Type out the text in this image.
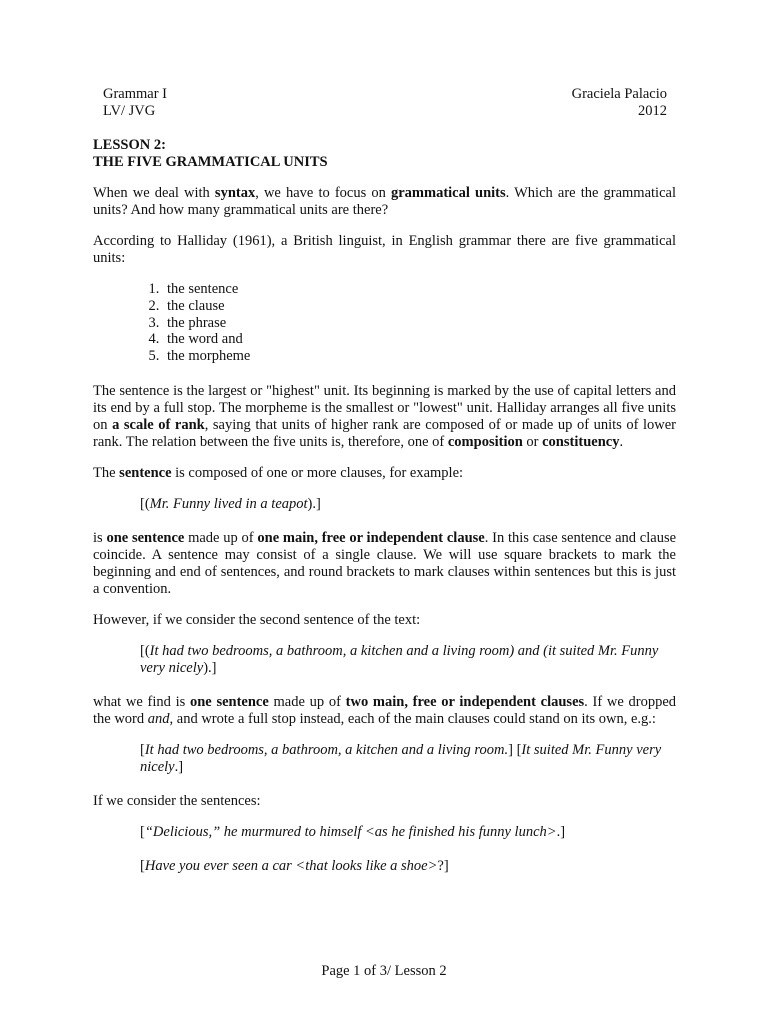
Grammar I	Graciela Palacio
LV/ JVG	2012
LESSON 2:
THE FIVE GRAMMATICAL UNITS

When we deal with syntax, we have to focus on grammatical units. Which are the grammatical units? And how many grammatical units are there?

According to Halliday (1961), a British linguist, in English grammar there are five grammatical units:

1. the sentence
2. the clause
3. the phrase
4. the word and
5. the morpheme

The sentence is the largest or "highest" unit. Its beginning is marked by the use of capital letters and its end by a full stop. The morpheme is the smallest or "lowest" unit. Halliday arranges all five units on a scale of rank, saying that units of higher rank are composed of or made up of units of lower rank. The relation between the five units is, therefore, one of composition or constituency.

The sentence is composed of one or more clauses, for example:

[(Mr. Funny lived in a teapot).]

is one sentence made up of one main, free or independent clause. In this case sentence and clause coincide. A sentence may consist of a single clause. We will use square brackets to mark the beginning and end of sentences, and round brackets to mark clauses within sentences but this is just a convention.

However, if we consider the second sentence of the text:

[(It had two bedrooms, a bathroom, a kitchen and a living room) and (it suited Mr. Funny very nicely).]

what we find is one sentence made up of two main, free or independent clauses. If we dropped the word and, and wrote a full stop instead, each of the main clauses could stand on its own, e.g.:

[It had two bedrooms, a bathroom, a kitchen and a living room.] [It suited Mr. Funny very nicely.]

If we consider the sentences:

[“Delicious,” he murmured to himself <as he finished his funny lunch>.]

[Have you ever seen a car <that looks like a shoe>?]

Page 1 of 3/ Lesson 2
